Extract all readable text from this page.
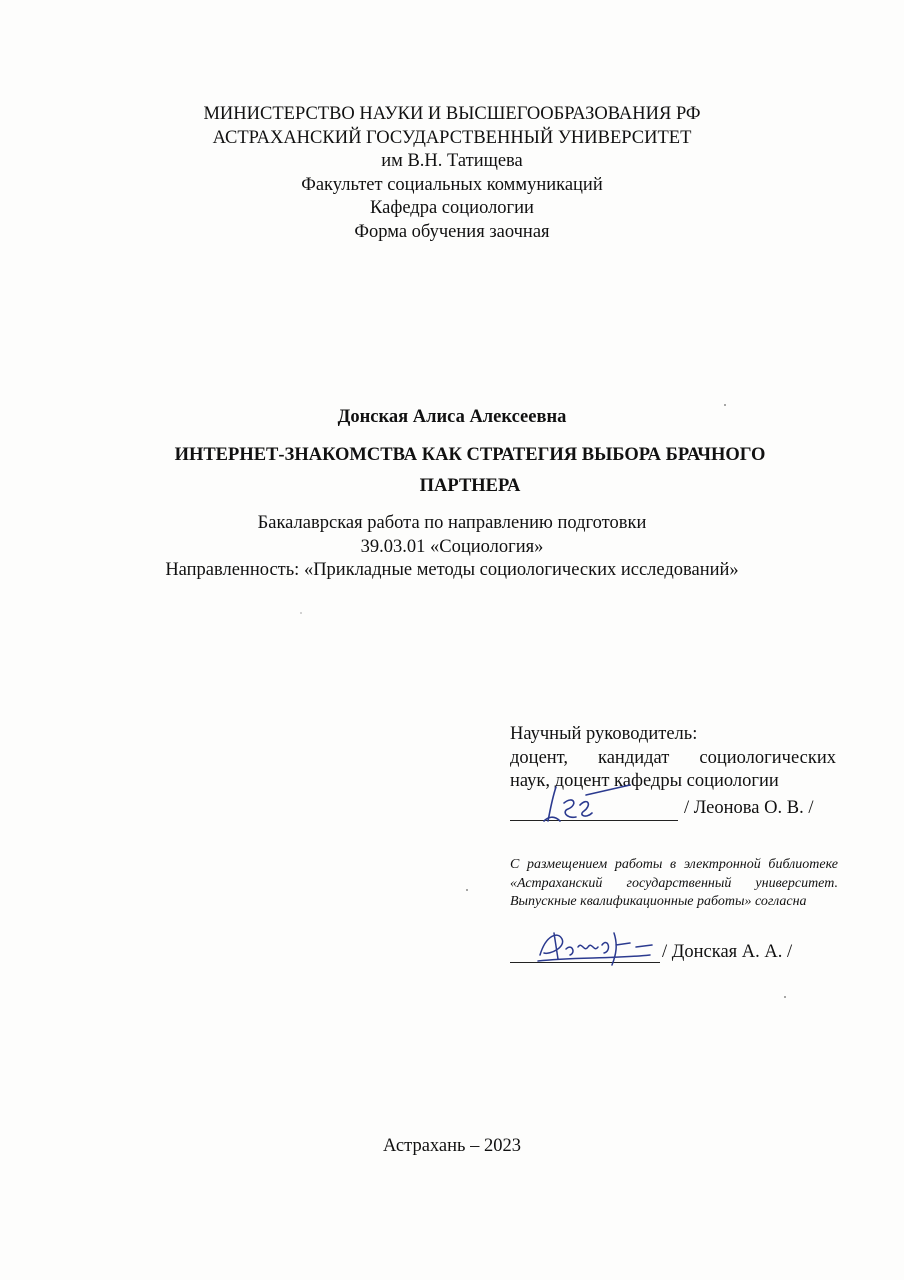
МИНИСТЕРСТВО НАУКИ И ВЫСШЕГООБРАЗОВАНИЯ РФ
АСТРАХАНСКИЙ ГОСУДАРСТВЕННЫЙ УНИВЕРСИТЕТ
им В.Н. Татищева
Факультет социальных коммуникаций
Кафедра социологии
Форма обучения заочная
Донская Алиса Алексеевна
ИНТЕРНЕТ-ЗНАКОМСТВА КАК СТРАТЕГИЯ ВЫБОРА БРАЧНОГО
ПАРТНЕРА
Бакалаврская работа по направлению подготовки
39.03.01 «Социология»
Направленность: «Прикладные методы социологических исследований»
Научный руководитель:
доцент, кандидат социологических
наук, доцент кафедры социологии
/ Леонова О. В. /
С размещением работы в электронной библиотеке «Астраханский государственный университет. Выпускные квалификационные работы» согласна
/ Донская А. А. /
Астрахань – 2023
